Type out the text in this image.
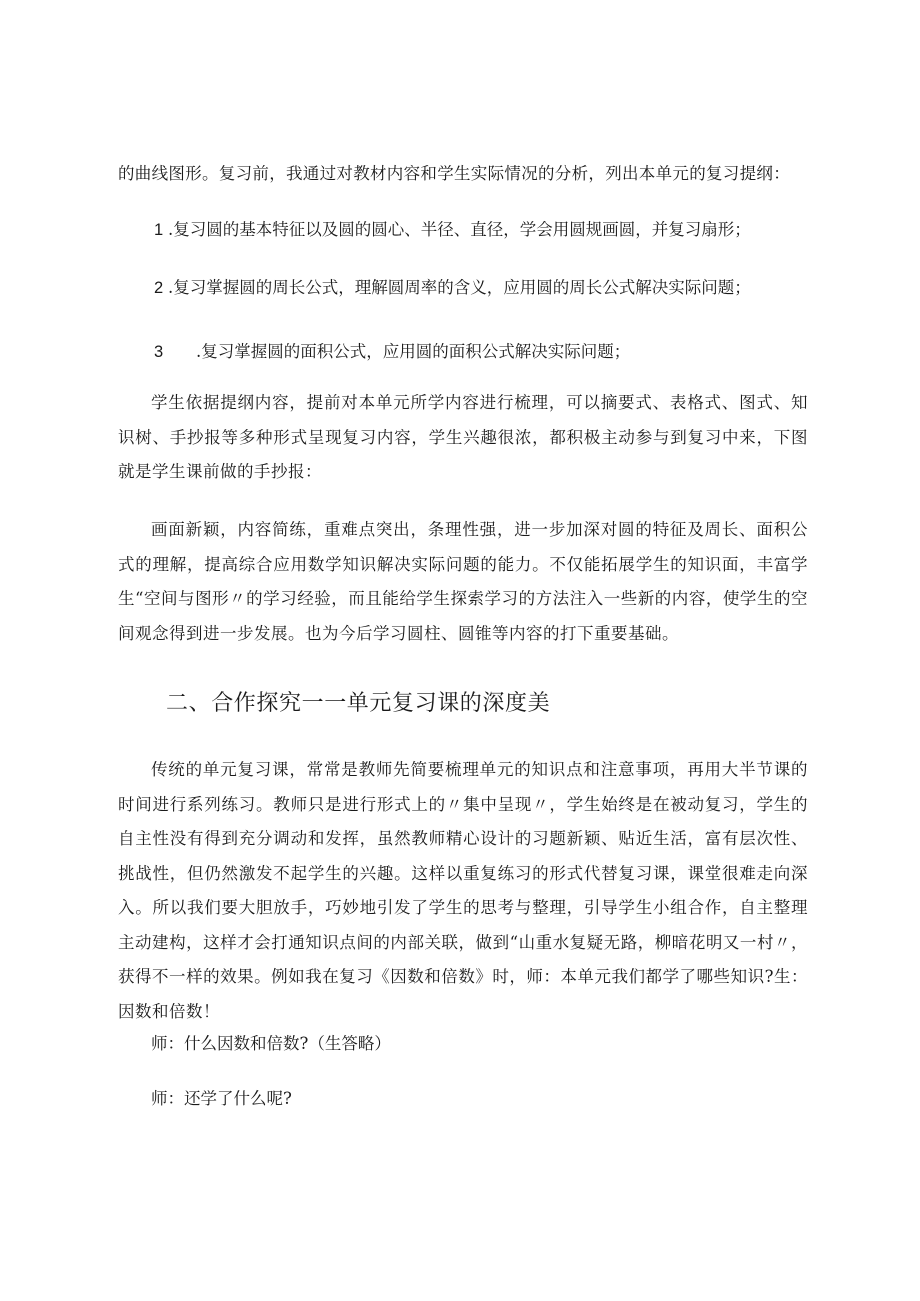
的曲线图形。复习前，我通过对教材内容和学生实际情况的分析，列出本单元的复习提纲：
1 .复习圆的基本特征以及圆的圆心、半径、直径，学会用圆规画圆，并复习扇形；
2 .复习掌握圆的周长公式，理解圆周率的含义，应用圆的周长公式解决实际问题；
3 .复习掌握圆的面积公式，应用圆的面积公式解决实际问题；
学生依据提纲内容，提前对本单元所学内容进行梳理，可以摘要式、表格式、图式、知识树、手抄报等多种形式呈现复习内容，学生兴趣很浓，都积极主动参与到复习中来，下图就是学生课前做的手抄报：
画面新颖，内容简练，重难点突出，条理性强，进一步加深对圆的特征及周长、面积公式的理解，提高综合应用数学知识解决实际问题的能力。不仅能拓展学生的知识面，丰富学生“空间与图形〃的学习经验，而且能给学生探索学习的方法注入一些新的内容，使学生的空间观念得到进一步发展。也为今后学习圆柱、圆锥等内容的打下重要基础。
二、合作探究一一单元复习课的深度美
传统的单元复习课，常常是教师先简要梳理单元的知识点和注意事项，再用大半节课的时间进行系列练习。教师只是进行形式上的〃集中呈现〃，学生始终是在被动复习，学生的自主性没有得到充分调动和发挥，虽然教师精心设计的习题新颖、贴近生活，富有层次性、挑战性，但仍然激发不起学生的兴趣。这样以重复练习的形式代替复习课，课堂很难走向深入。所以我们要大胆放手，巧妙地引发了学生的思考与整理，引导学生小组合作，自主整理主动建构，这样才会打通知识点间的内部关联，做到“山重水复疑无路，柳暗花明又一村〃，获得不一样的效果。例如我在复习《因数和倍数》时，师：本单元我们都学了哪些知识?生：因数和倍数！
师：什么因数和倍数?（生答略）
师：还学了什么呢?
